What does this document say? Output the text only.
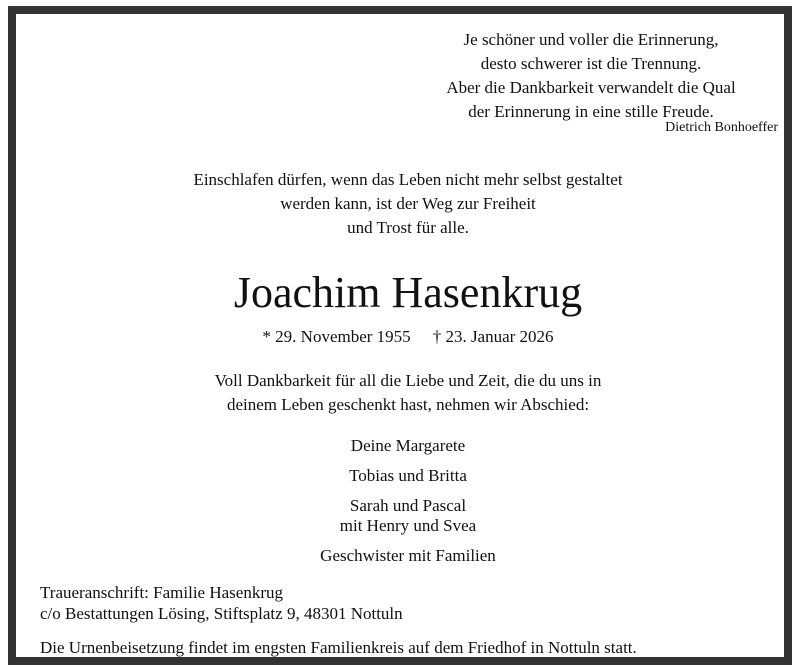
Je schöner und voller die Erinnerung,
desto schwerer ist die Trennung.
Aber die Dankbarkeit verwandelt die Qual
der Erinnerung in eine stille Freude.
Dietrich Bonhoeffer
Einschlafen dürfen, wenn das Leben nicht mehr selbst gestaltet
werden kann, ist der Weg zur Freiheit
und Trost für alle.
Joachim Hasenkrug
* 29. November 1955 † 23. Januar 2026
Voll Dankbarkeit für all die Liebe und Zeit, die du uns in
deinem Leben geschenkt hast, nehmen wir Abschied:
Deine Margarete
Tobias und Britta
Sarah und Pascal
mit Henry und Svea
Geschwister mit Familien
Traueranschrift: Familie Hasenkrug
c/o Bestattungen Lösing, Stiftsplatz 9, 48301 Nottuln
Die Urnenbeisetzung findet im engsten Familienkreis auf dem Friedhof in Nottuln statt.
